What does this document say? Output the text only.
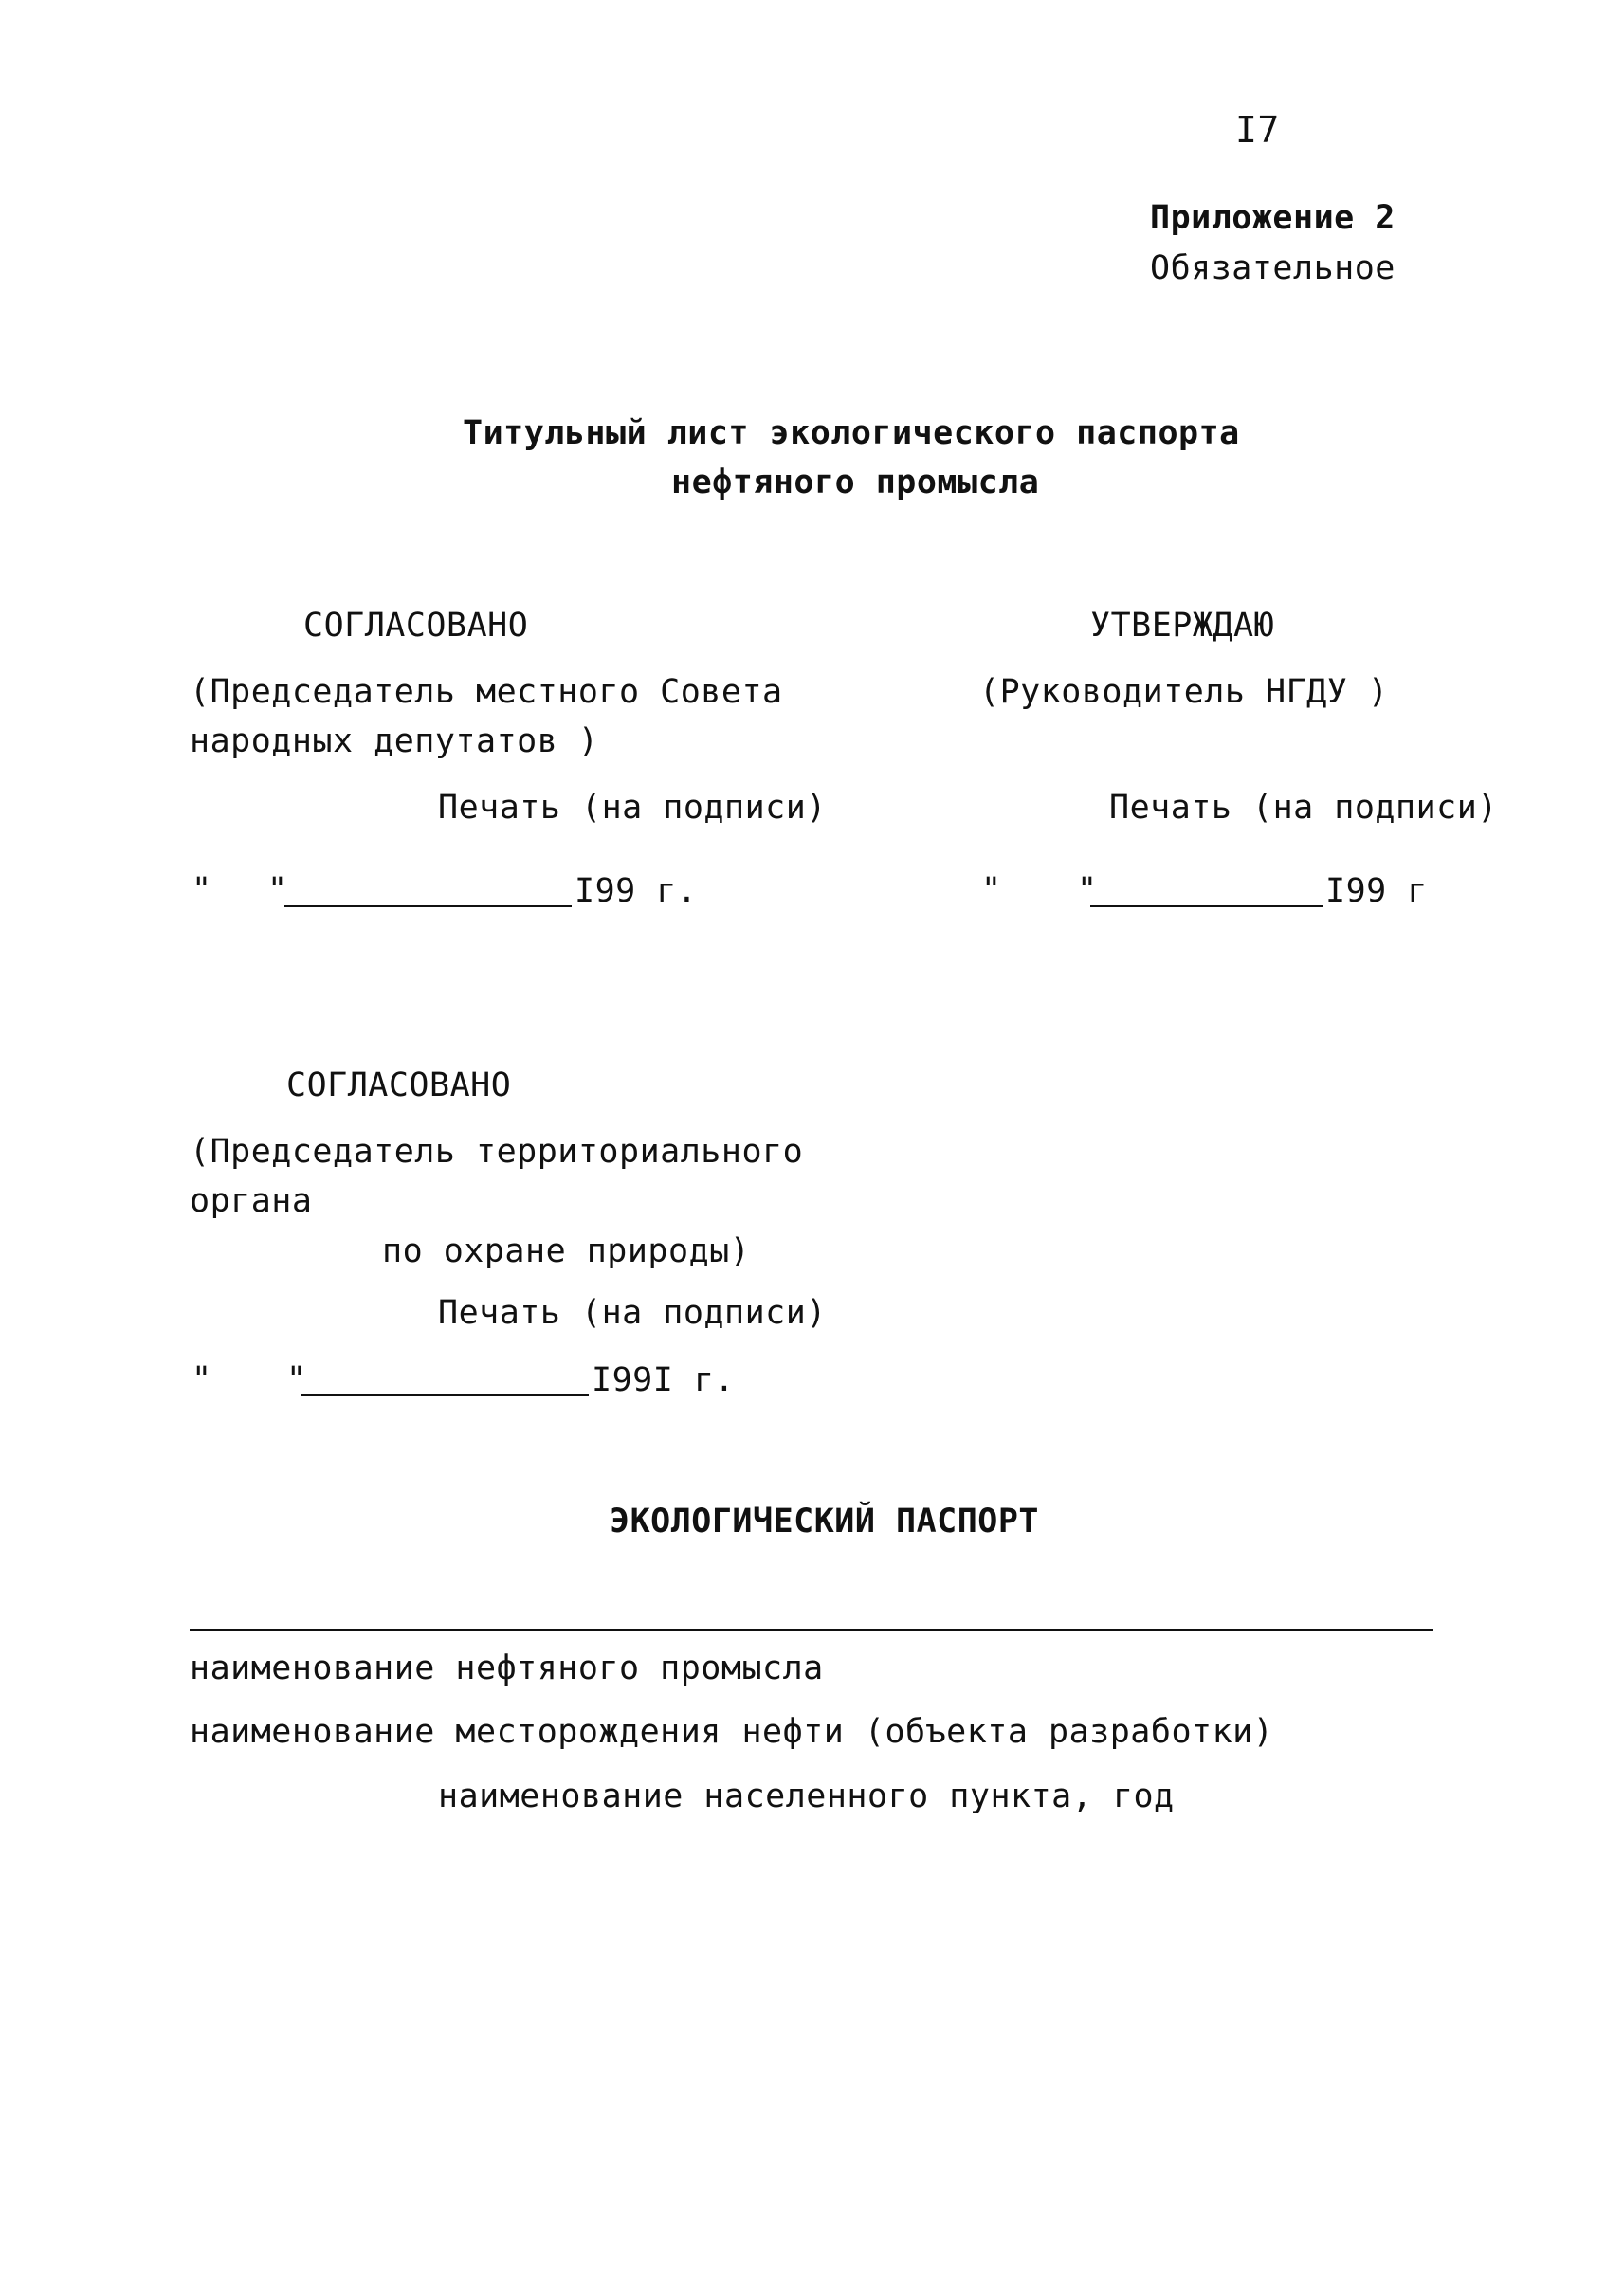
I7
Приложение 2
Обязательное
Титульный лист экологического паспорта
нефтяного промысла
СОГЛАСОВАНО
(Председатель местного Совета
народных депутатов )
Печать (на подписи)
" "	I99 г.
УТВЕРЖДАЮ
(Руководитель НГДУ )
Печать (на подписи)
" "	I99 г
СОГЛАСОВАНО
(Председатель территориального
органа
по охране природы)
Печать (на подписи)
" "	I99I г.
ЭКОЛОГИЧЕСКИЙ ПАСПОРТ
наименование нефтяного промысла
наименование месторождения нефти (объекта разработки)
наименование населенного пункта, год
